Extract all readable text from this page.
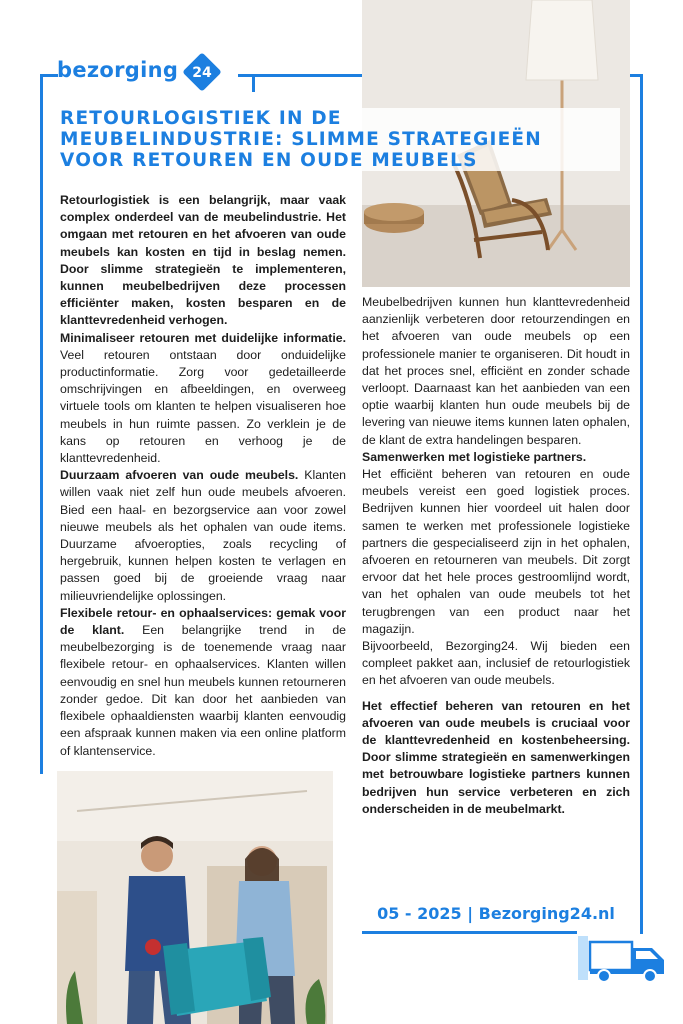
bezorging 24
RETOURLOGISTIEK IN DE
MEUBELINDUSTRIE: SLIMME STRATEGIEËN
VOOR RETOUREN EN OUDE MEUBELS

Retourlogistiek is een belangrijk, maar vaak complex onderdeel van de meubelindustrie. Het omgaan met retouren en het afvoeren van oude meubels kan kosten en tijd in beslag nemen. Door slimme strategieën te implementeren, kunnen meubelbedrijven deze processen efficiënter maken, kosten besparen en de klanttevredenheid verhogen.

Minimaliseer retouren met duidelijke informatie. Veel retouren ontstaan door onduidelijke productinformatie. Zorg voor gedetailleerde omschrijvingen en afbeeldingen, en overweeg virtuele tools om klanten te helpen visualiseren hoe meubels in hun ruimte passen. Zo verklein je de kans op retouren en verhoog je de klanttevredenheid.

Duurzaam afvoeren van oude meubels. Klanten willen vaak niet zelf hun oude meubels afvoeren. Bied een haal- en bezorgservice aan voor zowel nieuwe meubels als het ophalen van oude items. Duurzame afvoeropties, zoals recycling of hergebruik, kunnen helpen kosten te verlagen en passen goed bij de groeiende vraag naar milieuvriendelijke oplossingen.

Flexibele retour- en ophaalservices: gemak voor de klant. Een belangrijke trend in de meubelbezorging is de toenemende vraag naar flexibele retour- en ophaalservices. Klanten willen eenvoudig en snel hun meubels kunnen retourneren zonder gedoe. Dit kan door het aanbieden van flexibele ophaaldiensten waarbij klanten eenvoudig een afspraak kunnen maken via een online platform of klantenservice.

Meubelbedrijven kunnen hun klanttevredenheid aanzienlijk verbeteren door retourzendingen en het afvoeren van oude meubels op een professionele manier te organiseren. Dit houdt in dat het proces snel, efficiënt en zonder schade verloopt. Daarnaast kan het aanbieden van een optie waarbij klanten hun oude meubels bij de levering van nieuwe items kunnen laten ophalen, de klant de extra handelingen besparen.

Samenwerken met logistieke partners.

Het efficiënt beheren van retouren en oude meubels vereist een goed logistiek proces. Bedrijven kunnen hier voordeel uit halen door samen te werken met professionele logistieke partners die gespecialiseerd zijn in het ophalen, afvoeren en retourneren van meubels. Dit zorgt ervoor dat het hele proces gestroomlijnd wordt, van het ophalen van oude meubels tot het terugbrengen van een product naar het magazijn.

Bijvoorbeeld, Bezorging24. Wij bieden een compleet pakket aan, inclusief de retourlogistiek en het afvoeren van oude meubels.

Het effectief beheren van retouren en het afvoeren van oude meubels is cruciaal voor de klanttevredenheid en kostenbeheersing. Door slimme strategieën en samenwerkingen met betrouwbare logistieke partners kunnen bedrijven hun service verbeteren en zich onderscheiden in de meubelmarkt.

05 - 2025 | Bezorging24.nl
